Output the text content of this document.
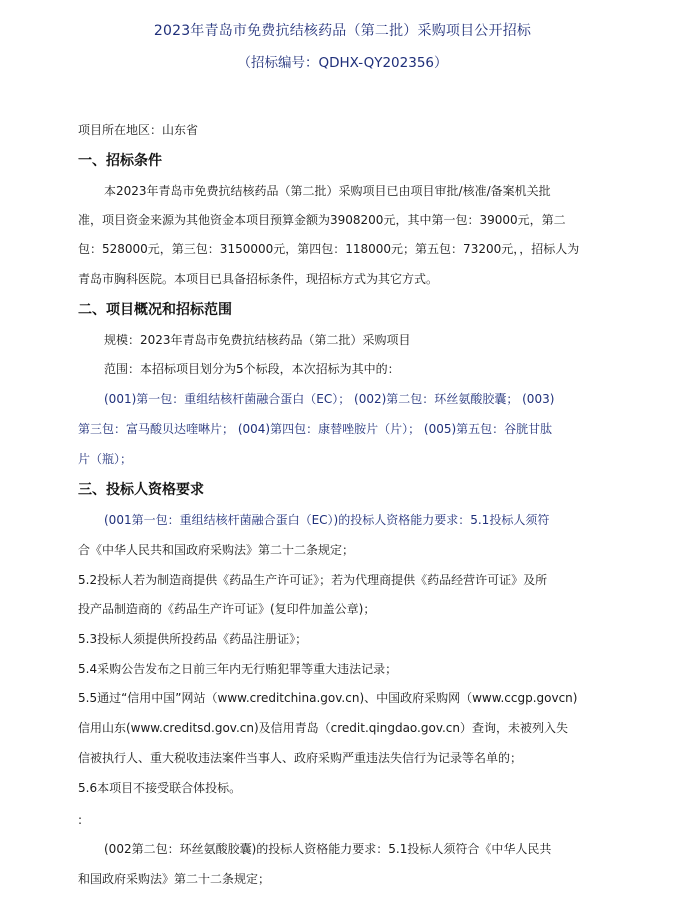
2023年青岛市免费抗结核药品（第二批）采购项目公开招标
（招标编号：QDHX-QY202356）
项目所在地区：山东省
一、招标条件
本2023年青岛市免费抗结核药品（第二批）采购项目已由项目审批/核准/备案机关批
准，项目资金来源为其他资金本项目预算金额为3908200元，其中第一包：39000元，第二
包：528000元，第三包：3150000元，第四包：118000元；第五包：73200元，，招标人为
青岛市胸科医院。本项目已具备招标条件，现招标方式为其它方式。
二、项目概况和招标范围
规模：2023年青岛市免费抗结核药品（第二批）采购项目
范围：本招标项目划分为5个标段，本次招标为其中的：
(001)第一包：重组结核杆菌融合蛋白（EC）； (002)第二包：环丝氨酸胶囊； (003)
第三包：富马酸贝达喹啉片； (004)第四包：康替唑胺片（片）； (005)第五包：谷胱甘肽
片（瓶）；
三、投标人资格要求
(001第一包：重组结核杆菌融合蛋白（EC）)的投标人资格能力要求：5.1投标人须符
合《中华人民共和国政府采购法》第二十二条规定；
5.2投标人若为制造商提供《药品生产许可证》；若为代理商提供《药品经营许可证》及所
投产品制造商的《药品生产许可证》(复印件加盖公章)；
5.3投标人须提供所投药品《药品注册证》；
5.4采购公告发布之日前三年内无行贿犯罪等重大违法记录；
5.5通过“信用中国”网站（www.creditchina.gov.cn)、中国政府采购网（www.ccgp.govcn)
信用山东(www.creditsd.gov.cn)及信用青岛（credit.qingdao.gov.cn）查询，未被列入失
信被执行人、重大税收违法案件当事人、政府采购严重违法失信行为记录等名单的；
5.6本项目不接受联合体投标。
:
(002第二包：环丝氨酸胶囊)的投标人资格能力要求：5.1投标人须符合《中华人民共
和国政府采购法》第二十二条规定；
